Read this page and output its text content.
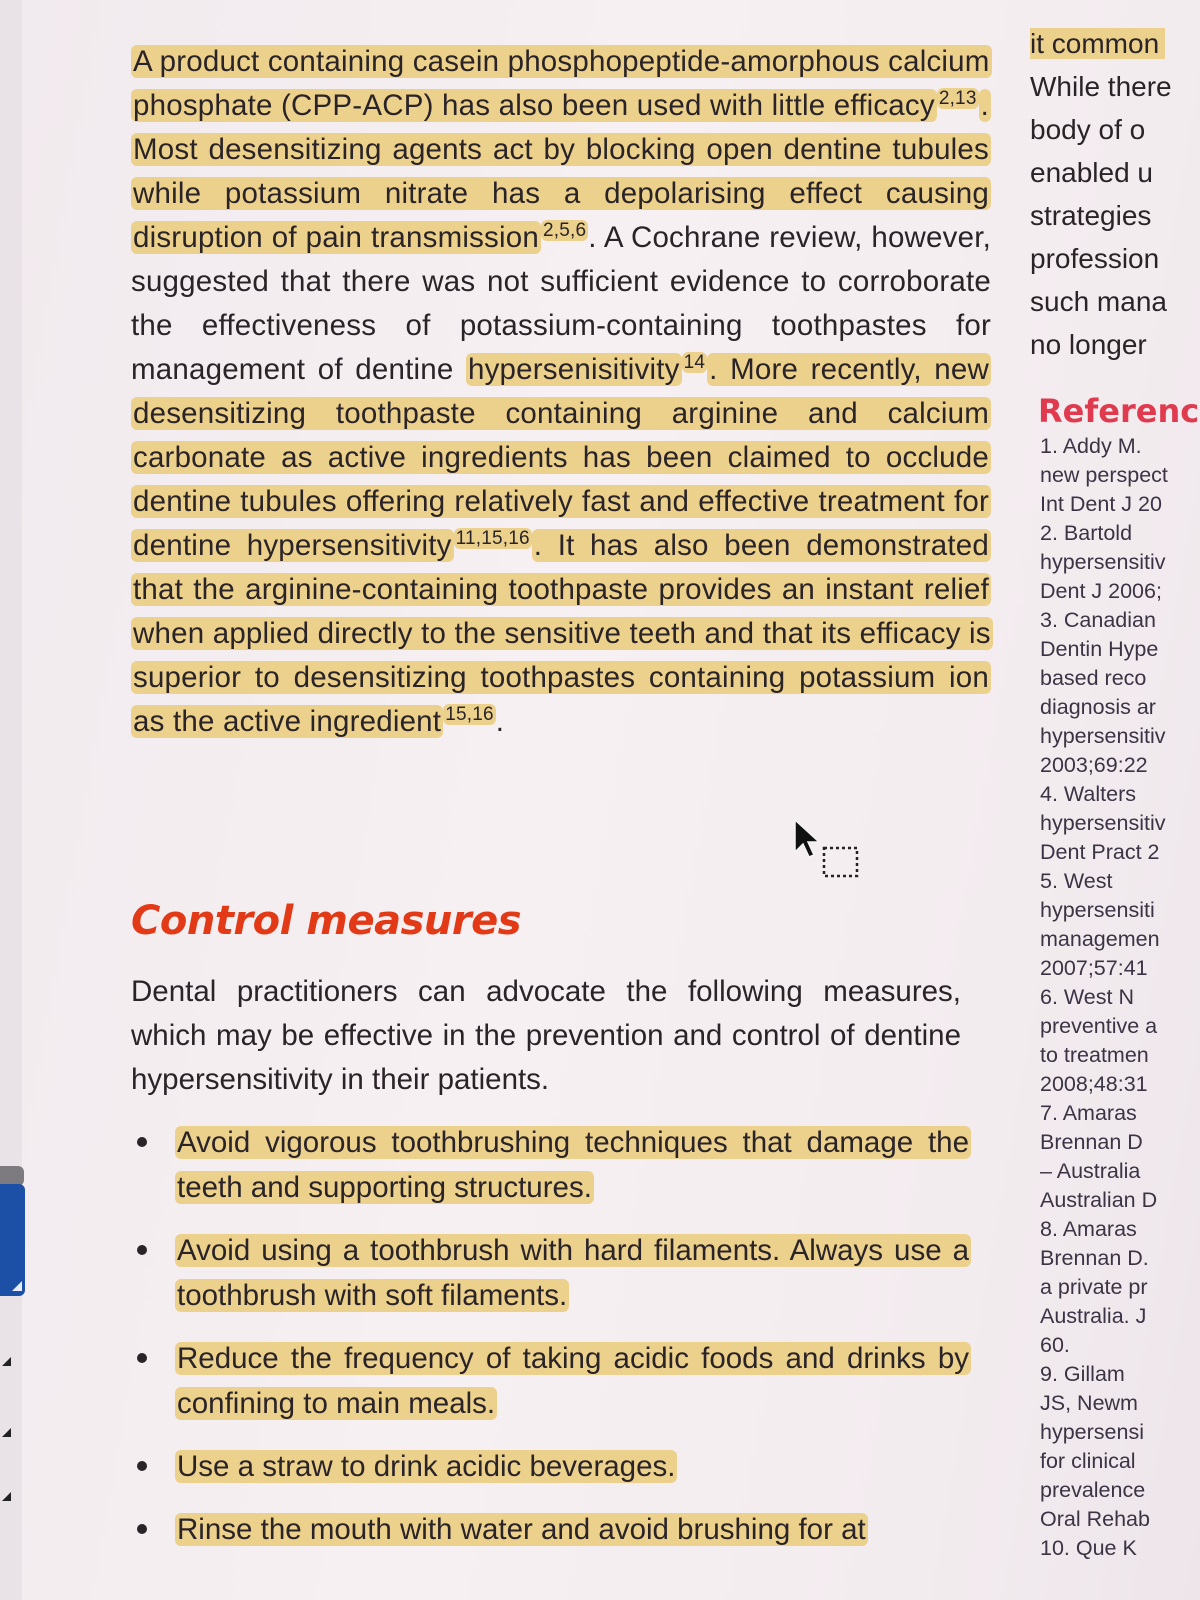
A product containing casein phosphopeptide-amorphous calcium phosphate (CPP-ACP) has also been used with little efficacy $^{2,13}$ . Most desensitizing agents act by blocking open dentine tubules while potassium nitrate has a depolarising effect causing disruption of pain transmission $^{2,5,6}$. A Cochrane review, however, suggested that there was not sufficient evidence to corroborate the effectiveness of potassium-containing toothpastes for management of dentine hypersenisitivity $^{14}$ . More recently, new desensitizing toothpaste containing arginine and calcium carbonate as active ingredients has been claimed to occlude dentine tubules offering relatively fast and effective treatment for dentine hypersensitivity $^{11,15,16}$ . It has also been demonstrated that the arginine-containing toothpaste provides an instant relief when applied directly to the sensitive teeth and that its efficacy is superior to desensitizing toothpastes containing potassium ion as the active ingredient $^{15,16}$.

Control measures

Dental practitioners can advocate the following measures, which may be effective in the prevention and control of dentine hypersensitivity in their patients.

Avoid vigorous toothbrushing techniques that damage the teeth and supporting structures.
Avoid using a toothbrush with hard filaments. Always use a toothbrush with soft filaments.
Reduce the frequency of taking acidic foods and drinks by confining to main meals.
Use a straw to drink acidic beverages.
Rinse the mouth with water and avoid brushing for at
it common
While there
body of o
enabled u
strategies
profession
such mana
no longer
Referenc
1. Addy M.
new perspect
Int Dent J 20
2. Bartold
hypersensitiv
Dent J 2006;
3. Canadian
Dentin Hype
based reco
diagnosis ar
hypersensitiv
2003;69:22
4. Walters
hypersensitiv
Dent Pract 2
5. West
hypersensiti
managemen
2007;57:41
6. West N
preventive a
to treatmen
2008;48:31
7. Amaras
Brennan D
– Australia
Australian D
8. Amaras
Brennan D.
a private pr
Australia. J
60.
9. Gillam
JS, Newm
hypersensi
for clinical
prevalence
Oral Rehab
10. Que K
